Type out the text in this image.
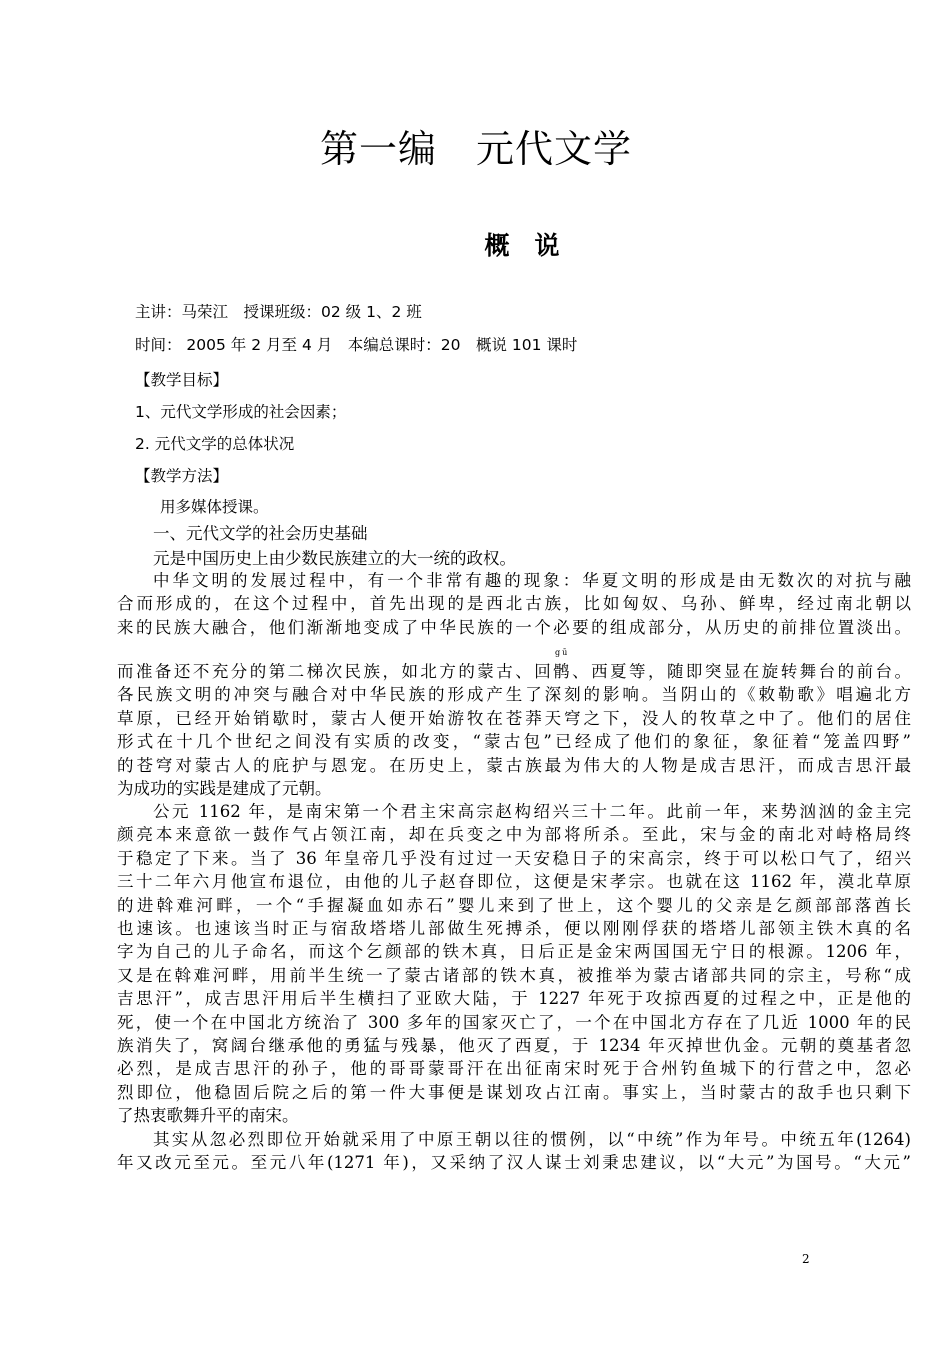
第一编　元代文学
概　说
主讲：马荣江　授课班级：02 级 1、2 班
时间： 2005 年 2 月至 4 月　本编总课时：20　概说 101 课时
【教学目标】
1、元代文学形成的社会因素；
2. 元代文学的总体状况
【教学方法】
用多媒体授课。
一、元代文学的社会历史基础
元是中国历史上由少数民族建立的大一统的政权。
中华文明的发展过程中，有一个非常有趣的现象：华夏文明的形成是由无数次的对抗与融
合而形成的，在这个过程中，首先出现的是西北古族，比如匈奴、乌孙、鲜卑，经过南北朝以
来的民族大融合，他们渐渐地变成了中华民族的一个必要的组成部分，从历史的前排位置淡出。
gū
而准备还不充分的第二梯次民族，如北方的蒙古、回鹘、西夏等，随即突显在旋转舞台的前台。
各民族文明的冲突与融合对中华民族的形成产生了深刻的影响。当阴山的《敕勒歌》唱遍北方
草原，已经开始销歇时，蒙古人便开始游牧在苍莽天穹之下，没人的牧草之中了。他们的居住
形式在十几个世纪之间没有实质的改变，“蒙古包”已经成了他们的象征，象征着“笼盖四野”
的苍穹对蒙古人的庇护与恩宠。在历史上，蒙古族最为伟大的人物是成吉思汗，而成吉思汗最
为成功的实践是建成了元朝。
公元 1162 年，是南宋第一个君主宋高宗赵构绍兴三十二年。此前一年，来势汹汹的金主完
颜亮本来意欲一鼓作气占领江南，却在兵变之中为部将所杀。至此，宋与金的南北对峙格局终
于稳定了下来。当了 36 年皇帝几乎没有过过一天安稳日子的宋高宗，终于可以松口气了，绍兴
三十二年六月他宣布退位，由他的儿子赵昚即位，这便是宋孝宗。也就在这 1162 年，漠北草原
的进斡难河畔，一个“手握凝血如赤石”婴儿来到了世上，这个婴儿的父亲是乞颜部部落酋长
也速该。也速该当时正与宿敌塔塔儿部做生死搏杀，便以刚刚俘获的塔塔儿部领主铁木真的名
字为自己的儿子命名，而这个乞颜部的铁木真，日后正是金宋两国国无宁日的根源。1206 年，
又是在斡难河畔，用前半生统一了蒙古诸部的铁木真，被推举为蒙古诸部共同的宗主，号称“成
吉思汗”，成吉思汗用后半生横扫了亚欧大陆，于 1227 年死于攻掠西夏的过程之中，正是他的
死，使一个在中国北方统治了 300 多年的国家灭亡了，一个在中国北方存在了几近 1000 年的民
族消失了，窝阔台继承他的勇猛与残暴，他灭了西夏，于 1234 年灭掉世仇金。元朝的奠基者忽
必烈，是成吉思汗的孙子，他的哥哥蒙哥汗在出征南宋时死于合州钓鱼城下的行营之中，忽必
烈即位，他稳固后院之后的第一件大事便是谋划攻占江南。事实上，当时蒙古的敌手也只剩下
了热衷歌舞升平的南宋。
其实从忽必烈即位开始就采用了中原王朝以往的惯例，以“中统”作为年号。中统五年(1264)
年又改元至元。至元八年(1271 年)，又采纳了汉人谋士刘秉忠建议，以“大元”为国号。“大元”
2
